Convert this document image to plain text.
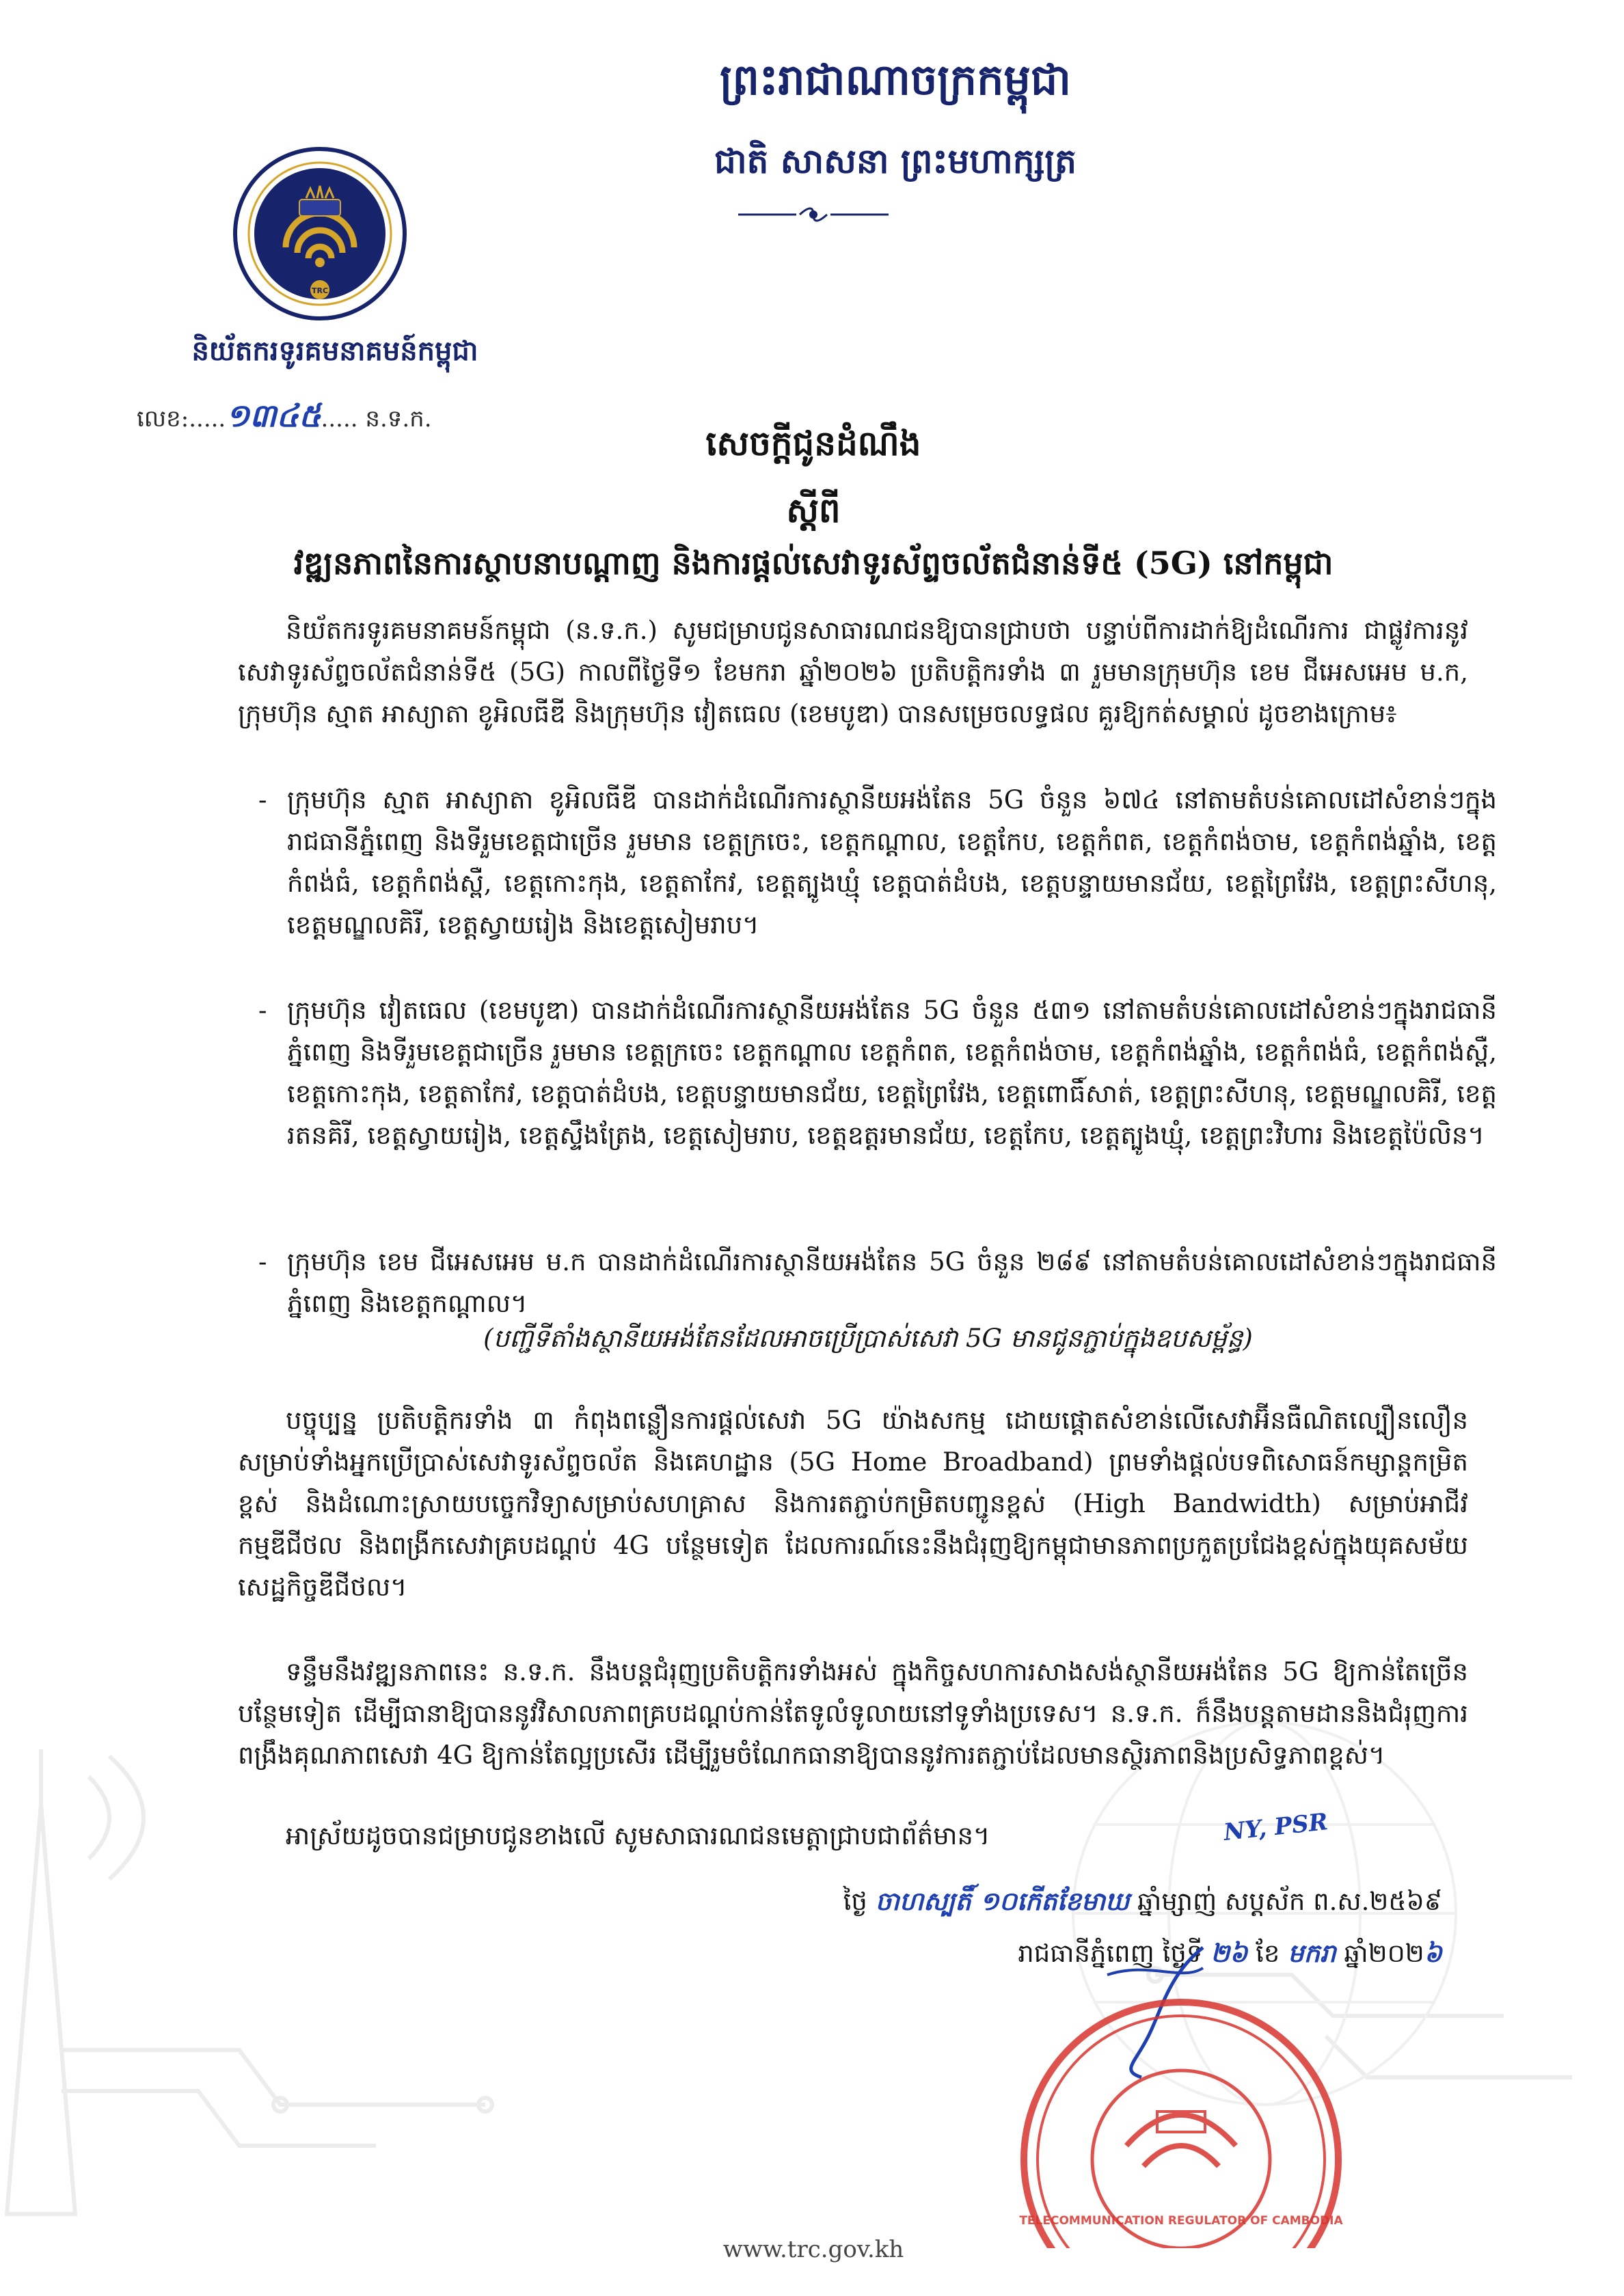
ព្រះរាជាណាចក្រកម្ពុជា
ជាតិ សាសនា ព្រះមហាក្សត្រ
TRC
និយ័តករទូរគមនាគមន៍កម្ពុជា
លេខ:.....១៣៤៥..... ន.ទ.ក.
សេចក្ដីជូនដំណឹង
ស្ដីពី
វឌ្ឍនភាពនៃការស្ថាបនាបណ្ដាញ និងការផ្ដល់សេវាទូរស័ព្ទចល័តជំនាន់ទី៥ (5G) នៅកម្ពុជា
និយ័តករទូរគមនាគមន៍កម្ពុជា (ន.ទ.ក.) សូមជម្រាបជូនសាធារណជនឱ្យបានជ្រាបថា បន្ទាប់ពីការដាក់ឱ្យដំណើរការ ជាផ្លូវការនូវសេវាទូរស័ព្ទចល័តជំនាន់ទី៥ (5G) កាលពីថ្ងៃទី១ ខែមករា ឆ្នាំ២០២៦ ប្រតិបត្តិករទាំង ៣ រួមមានក្រុមហ៊ុន ខេម ជីអេសអេម ម.ក, ក្រុមហ៊ុន ស្មាត អាស្យាតា ខូអិលធីឌី និងក្រុមហ៊ុន វៀតធេល (ខេមបូឌា) បានសម្រេចលទ្ធផល គួរឱ្យកត់សម្គាល់ ដូចខាងក្រោម៖
- ក្រុមហ៊ុន ស្មាត អាស្យាតា ខូអិលធីឌី បានដាក់ដំណើរការស្ថានីយអង់តែន 5G ចំនួន ៦៧៤ នៅតាមតំបន់គោលដៅសំខាន់ៗក្នុងរាជធានីភ្នំពេញ និងទីរួមខេត្តជាច្រើន រួមមាន ខេត្តក្រចេះ, ខេត្តកណ្ដាល, ខេត្តកែប, ខេត្តកំពត, ខេត្តកំពង់ចាម, ខេត្តកំពង់ឆ្នាំង, ខេត្តកំពង់ធំ, ខេត្តកំពង់ស្ពឺ, ខេត្តកោះកុង, ខេត្តតាកែវ, ខេត្តត្បូងឃ្មុំ ខេត្តបាត់ដំបង, ខេត្តបន្ទាយមានជ័យ, ខេត្តព្រៃវែង, ខេត្តព្រះសីហនុ, ខេត្តមណ្ឌលគិរី, ខេត្តស្វាយរៀង និងខេត្តសៀមរាប។
- ក្រុមហ៊ុន វៀតធេល (ខេមបូឌា) បានដាក់ដំណើរការស្ថានីយអង់តែន 5G ចំនួន ៥៣១ នៅតាមតំបន់គោលដៅសំខាន់ៗក្នុងរាជធានីភ្នំពេញ និងទីរួមខេត្តជាច្រើន រួមមាន ខេត្តក្រចេះ ខេត្តកណ្ដាល ខេត្តកំពត, ខេត្តកំពង់ចាម, ខេត្តកំពង់ឆ្នាំង, ខេត្តកំពង់ធំ, ខេត្តកំពង់ស្ពឺ, ខេត្តកោះកុង, ខេត្តតាកែវ, ខេត្តបាត់ដំបង, ខេត្តបន្ទាយមានជ័យ, ខេត្តព្រៃវែង, ខេត្តពោធិ៍សាត់, ខេត្តព្រះសីហនុ, ខេត្តមណ្ឌលគិរី, ខេត្តរតនគិរី, ខេត្តស្វាយរៀង, ខេត្តស្ទឹងត្រែង, ខេត្តសៀមរាប, ខេត្តឧត្ដរមានជ័យ, ខេត្តកែប, ខេត្តត្បូងឃ្មុំ, ខេត្តព្រះវិហារ និងខេត្តប៉ៃលិន។
- ក្រុមហ៊ុន ខេម ជីអេសអេម ម.ក បានដាក់ដំណើរការស្ថានីយអង់តែន 5G ចំនួន ២៨៩ នៅតាមតំបន់គោលដៅសំខាន់ៗក្នុងរាជធានីភ្នំពេញ និងខេត្តកណ្ដាល។
(បញ្ជីទីតាំងស្ថានីយអង់តែនដែលអាចប្រើប្រាស់សេវា 5G មានជូនភ្ជាប់ក្នុងឧបសម្ព័ន្ធ)
បច្ចុប្បន្ន ប្រតិបត្តិករទាំង ៣ កំពុងពន្លឿនការផ្ដល់សេវា 5G យ៉ាងសកម្ម ដោយផ្ដោតសំខាន់លើសេវាអ៊ីនធឺណិតល្បឿនលឿនសម្រាប់ទាំងអ្នកប្រើប្រាស់សេវាទូរស័ព្ទចល័ត និងគេហដ្ឋាន (5G Home Broadband) ព្រមទាំងផ្ដល់បទពិសោធន៍កម្សាន្តកម្រិតខ្ពស់ និងដំណោះស្រាយបច្ចេកវិទ្យាសម្រាប់សហគ្រាស និងការតភ្ជាប់កម្រិតបញ្ជូនខ្ពស់ (High Bandwidth) សម្រាប់អាជីវកម្មឌីជីថល និងពង្រីកសេវាគ្របដណ្ដប់ 4G បន្ថែមទៀត ដែលការណ៍នេះនឹងជំរុញឱ្យកម្ពុជាមានភាពប្រកួតប្រជែងខ្ពស់ក្នុងយុគសម័យសេដ្ឋកិច្ចឌីជីថល។
ទន្ទឹមនឹងវឌ្ឍនភាពនេះ ន.ទ.ក. នឹងបន្តជំរុញប្រតិបត្តិករទាំងអស់ ក្នុងកិច្ចសហការសាងសង់ស្ថានីយអង់តែន 5G ឱ្យកាន់តែច្រើនបន្ថែមទៀត ដើម្បីធានាឱ្យបាននូវវិសាលភាពគ្របដណ្ដប់កាន់តែទូលំទូលាយនៅទូទាំងប្រទេស។ ន.ទ.ក. ក៏នឹងបន្តតាមដាននិងជំរុញការពង្រឹងគុណភាពសេវា 4G ឱ្យកាន់តែល្អប្រសើរ ដើម្បីរួមចំណែកធានាឱ្យបាននូវការតភ្ជាប់ដែលមានស្ថិរភាពនិងប្រសិទ្ធភាពខ្ពស់។
អាស្រ័យដូចបានជម្រាបជូនខាងលើ សូមសាធារណជនមេត្តាជ្រាបជាព័ត៌មាន។	NY, PSR
ថ្ងៃ ចាហស្បតិ៍ ១០កើតខែមាឃ ឆ្នាំម្សាញ់ សប្ដស័ក ព.ស.២៥៦៩
រាជធានីភ្នំពេញ ថ្ងៃទី ២៦ ខែ មករា ឆ្នាំ២០២៦
TELECOMMUNICATION REGULATOR OF CAMBODIA
www.trc.gov.kh
